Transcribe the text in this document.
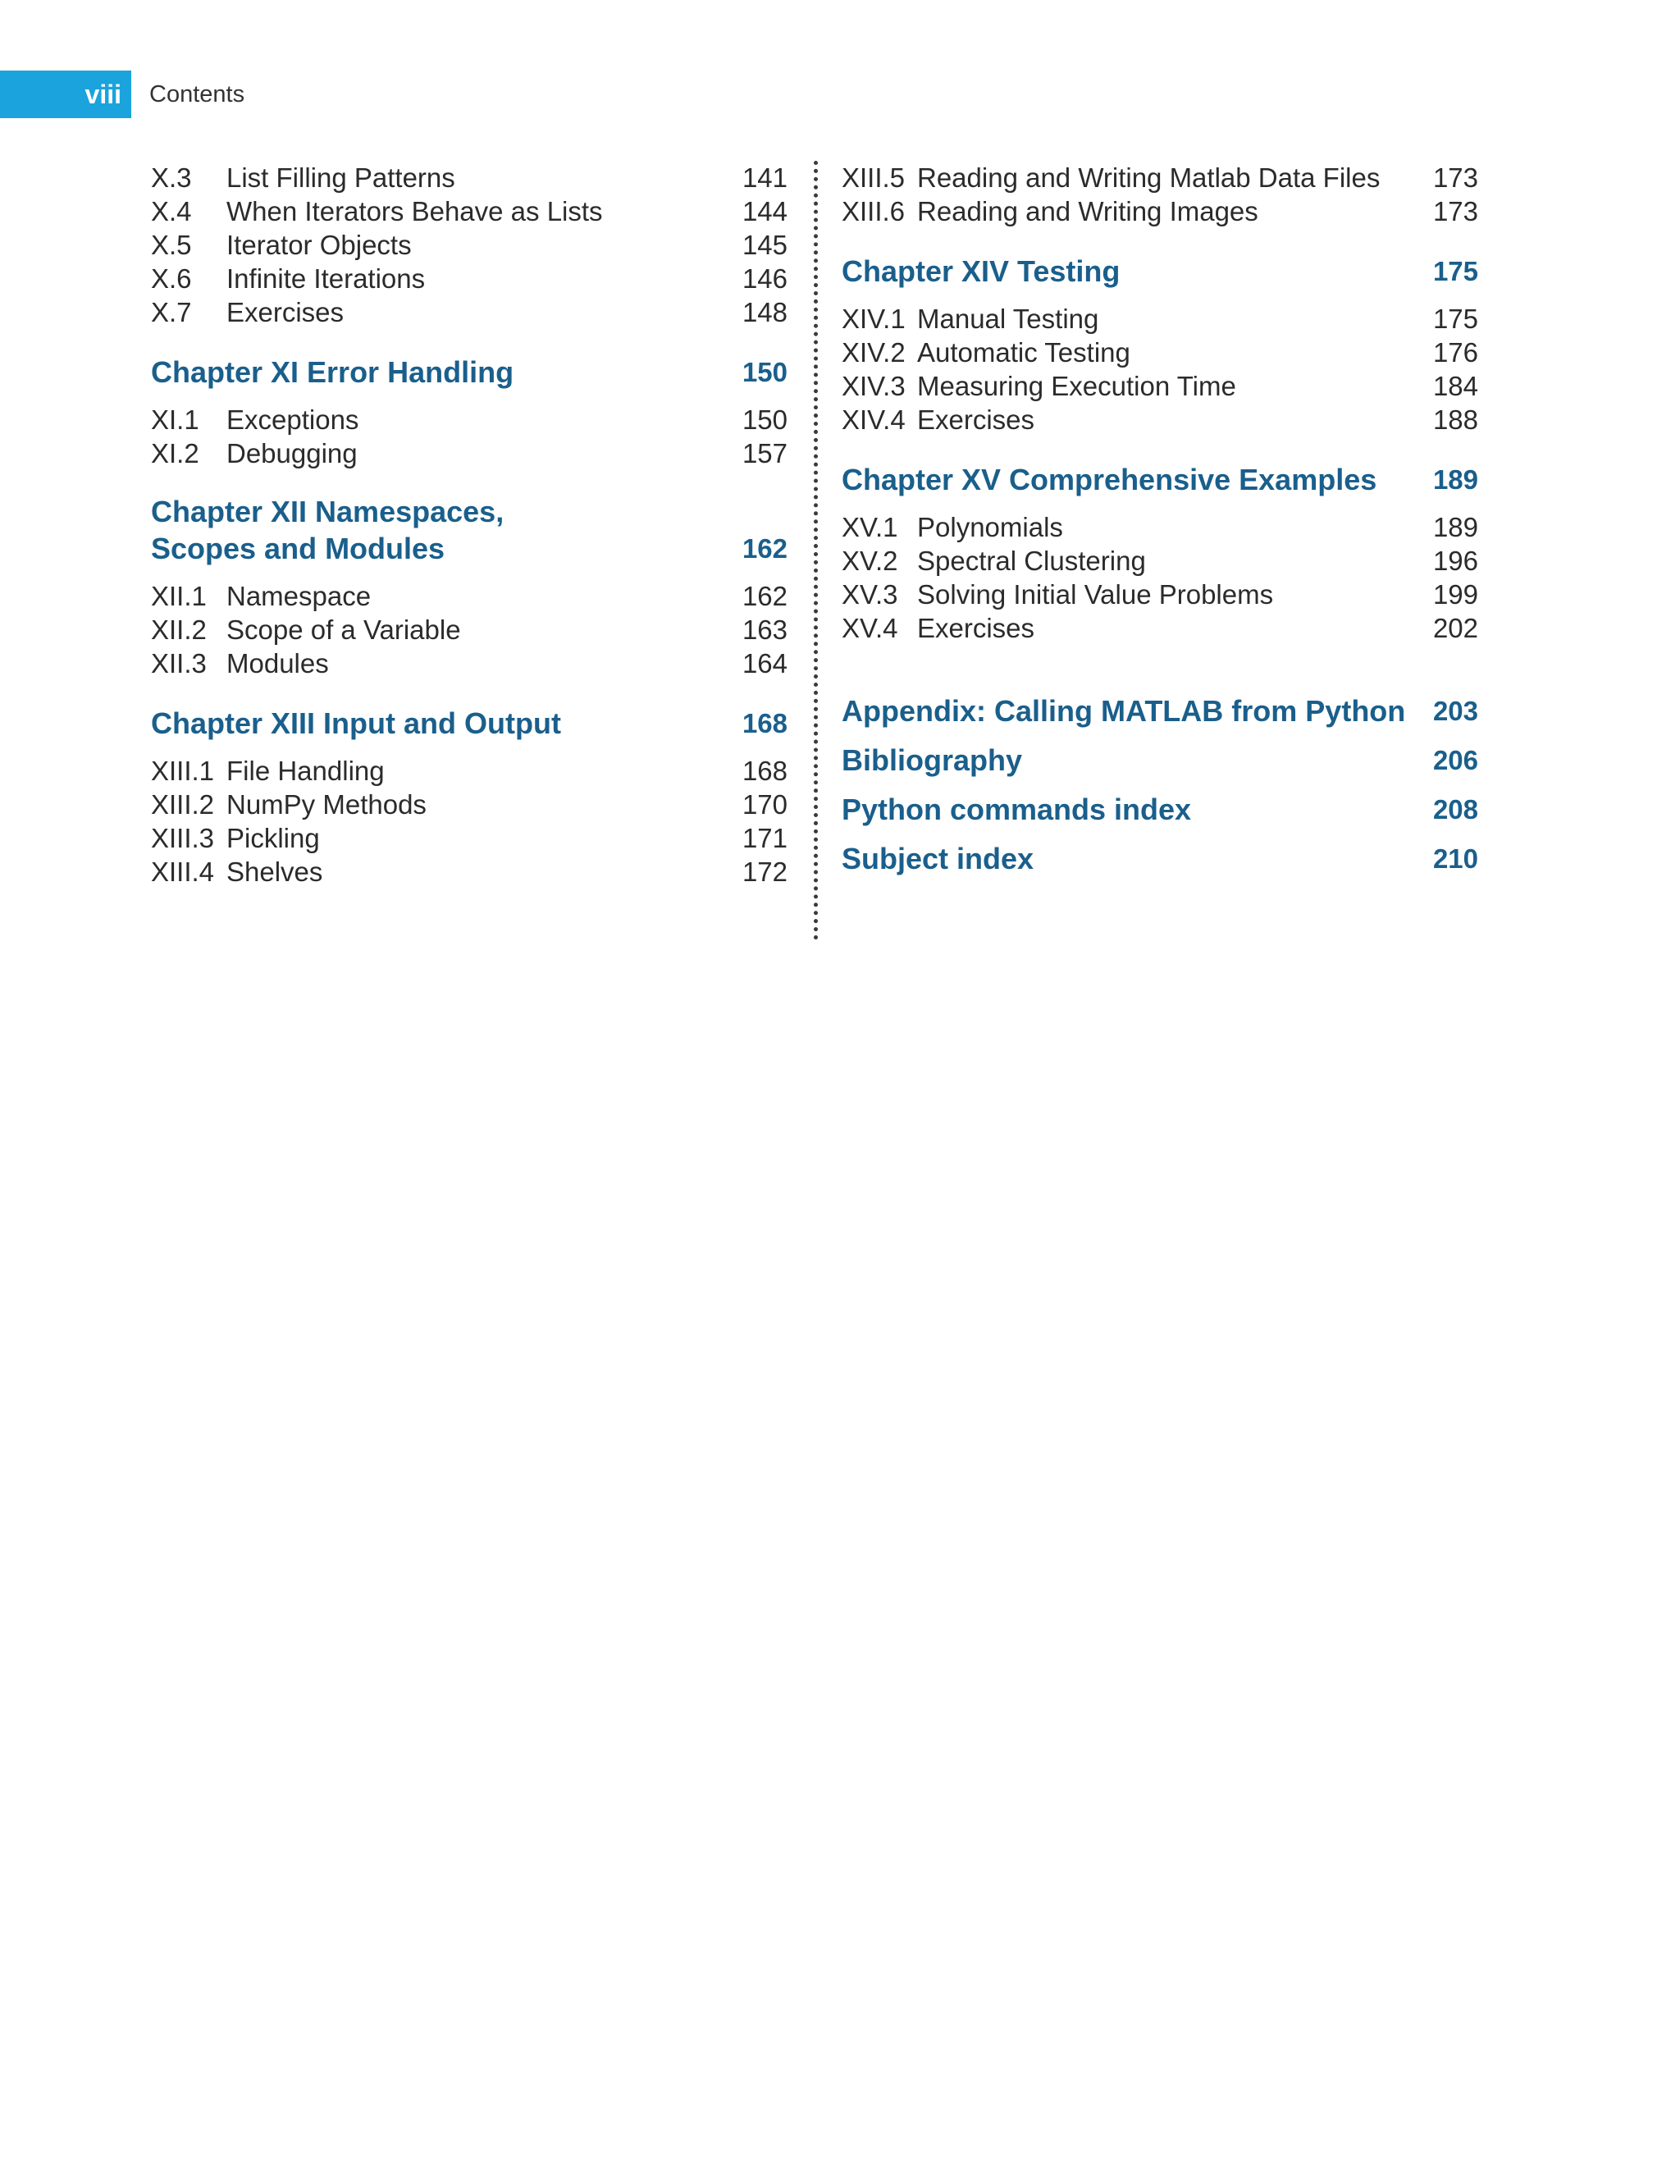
viii	Contents
X.3	List Filling Patterns	141
X.4	When Iterators Behave as Lists	144
X.5	Iterator Objects	145
X.6	Infinite Iterations	146
X.7	Exercises	148
Chapter XI Error Handling	150
XI.1	Exceptions	150
XI.2	Debugging	157
Chapter XII Namespaces,
Scopes and Modules	162
XII.1 Namespace	162
XII.2 Scope of a Variable	163
XII.3 Modules	164
Chapter XIII Input and Output	168
XIII.1 File Handling	168
XIII.2 NumPy Methods	170
XIII.3 Pickling	171
XIII.4 Shelves	172
XIII.5 Reading and Writing Matlab Data Files	173
XIII.6 Reading and Writing Images	173
Chapter XIV Testing	175
XIV.1 Manual Testing	175
XIV.2 Automatic Testing	176
XIV.3 Measuring Execution Time	184
XIV.4 Exercises	188
Chapter XV Comprehensive Examples	189
XV.1 Polynomials	189
XV.2 Spectral Clustering	196
XV.3 Solving Initial Value Problems	199
XV.4 Exercises	202
Appendix: Calling MATLAB from Python	203
Bibliography	206
Python commands index	208
Subject index	210
